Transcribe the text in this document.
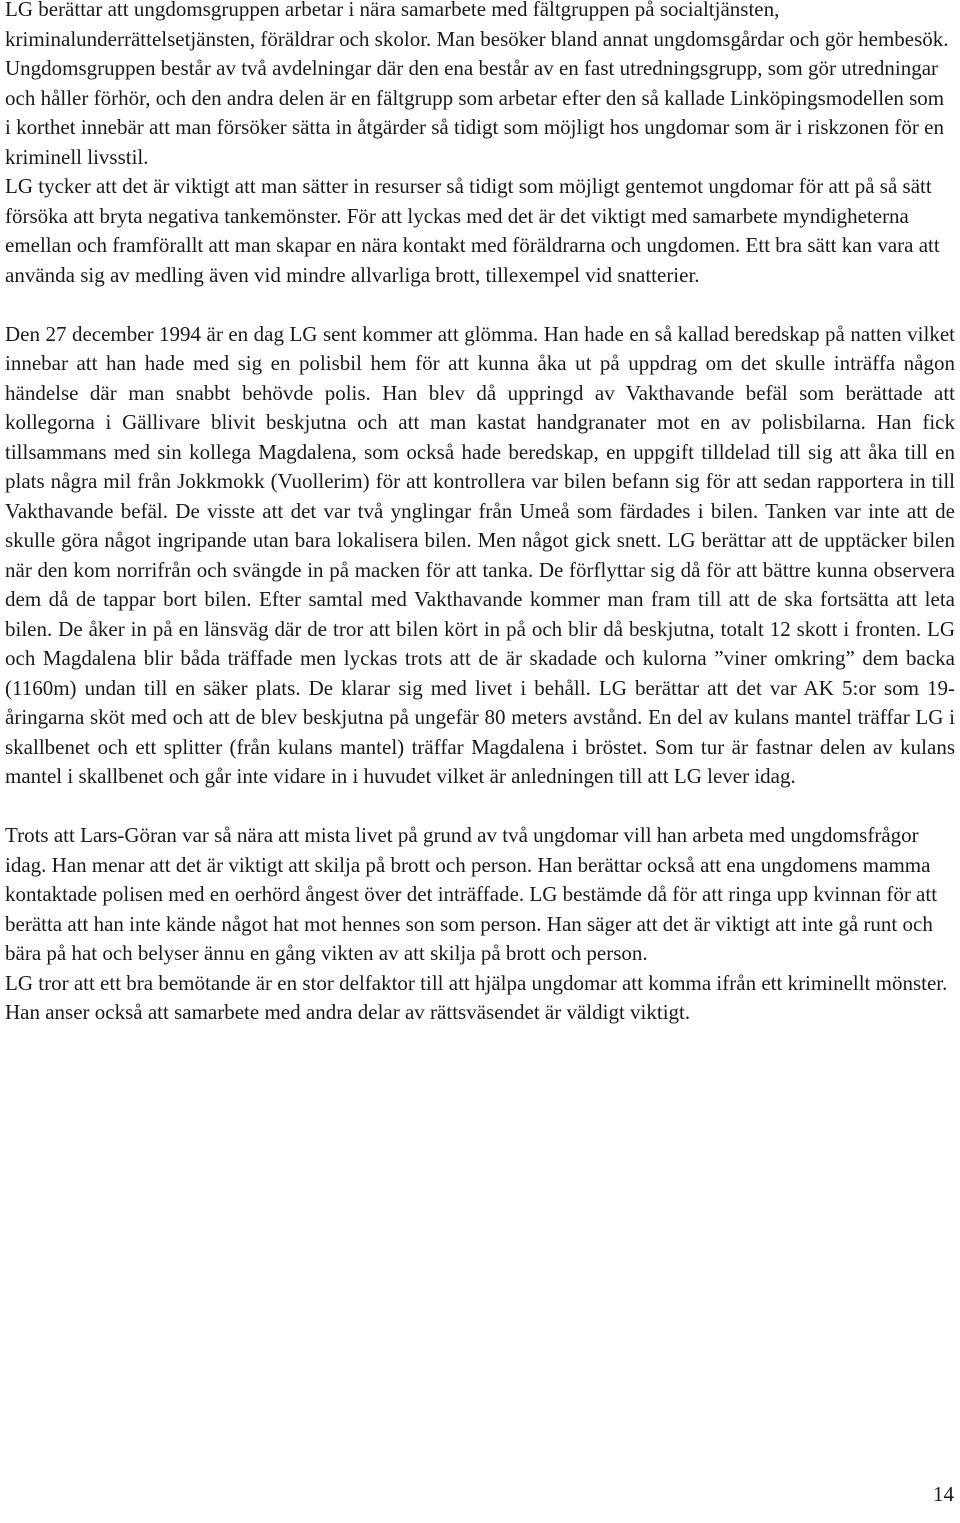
LG berättar att ungdomsgruppen arbetar i nära samarbete med fältgruppen på socialtjänsten, kriminalunderrättelsetjänsten, föräldrar och skolor. Man besöker bland annat ungdomsgårdar och gör hembesök. Ungdomsgruppen består av två avdelningar där den ena består av en fast utredningsgrupp, som gör utredningar och håller förhör, och den andra delen är en fältgrupp som arbetar efter den så kallade Linköpingsmodellen som i korthet innebär att man försöker sätta in åtgärder så tidigt som möjligt hos ungdomar som är i riskzonen för en kriminell livsstil.

LG tycker att det är viktigt att man sätter in resurser så tidigt som möjligt gentemot ungdomar för att på så sätt försöka att bryta negativa tankemönster. För att lyckas med det är det viktigt med samarbete myndigheterna emellan och framförallt att man skapar en nära kontakt med föräldrarna och ungdomen. Ett bra sätt kan vara att använda sig av medling även vid mindre allvarliga brott, tillexempel vid snatterier.

Den 27 december 1994 är en dag LG sent kommer att glömma. Han hade en så kallad beredskap på natten vilket innebar att han hade med sig en polisbil hem för att kunna åka ut på uppdrag om det skulle inträffa någon händelse där man snabbt behövde polis. Han blev då uppringd av Vakthavande befäl som berättade att kollegorna i Gällivare blivit beskjutna och att man kastat handgranater mot en av polisbilarna. Han fick tillsammans med sin kollega Magdalena, som också hade beredskap, en uppgift tilldelad till sig att åka till en plats några mil från Jokkmokk (Vuollerim) för att kontrollera var bilen befann sig för att sedan rapportera in till Vakthavande befäl. De visste att det var två ynglingar från Umeå som färdades i bilen. Tanken var inte att de skulle göra något ingripande utan bara lokalisera bilen. Men något gick snett. LG berättar att de upptäcker bilen när den kom norrifrån och svängde in på macken för att tanka. De förflyttar sig då för att bättre kunna observera dem då de tappar bort bilen. Efter samtal med Vakthavande kommer man fram till att de ska fortsätta att leta bilen. De åker in på en länsväg där de tror att bilen kört in på och blir då beskjutna, totalt 12 skott i fronten. LG och Magdalena blir båda träffade men lyckas trots att de är skadade och kulorna ”viner omkring” dem backa (1160m) undan till en säker plats. De klarar sig med livet i behåll. LG berättar att det var AK 5:or som 19-åringarna sköt med och att de blev beskjutna på ungefär 80 meters avstånd. En del av kulans mantel träffar LG i skallbenet och ett splitter (från kulans mantel) träffar Magdalena i bröstet. Som tur är fastnar delen av kulans mantel i skallbenet och går inte vidare in i huvudet vilket är anledningen till att LG lever idag.

Trots att Lars-Göran var så nära att mista livet på grund av två ungdomar vill han arbeta med ungdomsfrågor idag. Han menar att det är viktigt att skilja på brott och person. Han berättar också att ena ungdomens mamma kontaktade polisen med en oerhörd ångest över det inträffade. LG bestämde då för att ringa upp kvinnan för att berätta att han inte kände något hat mot hennes son som person. Han säger att det är viktigt att inte gå runt och bära på hat och belyser ännu en gång vikten av att skilja på brott och person.

LG tror att ett bra bemötande är en stor delfaktor till att hjälpa ungdomar att komma ifrån ett kriminellt mönster. Han anser också att samarbete med andra delar av rättsväsendet är väldigt viktigt.

14
